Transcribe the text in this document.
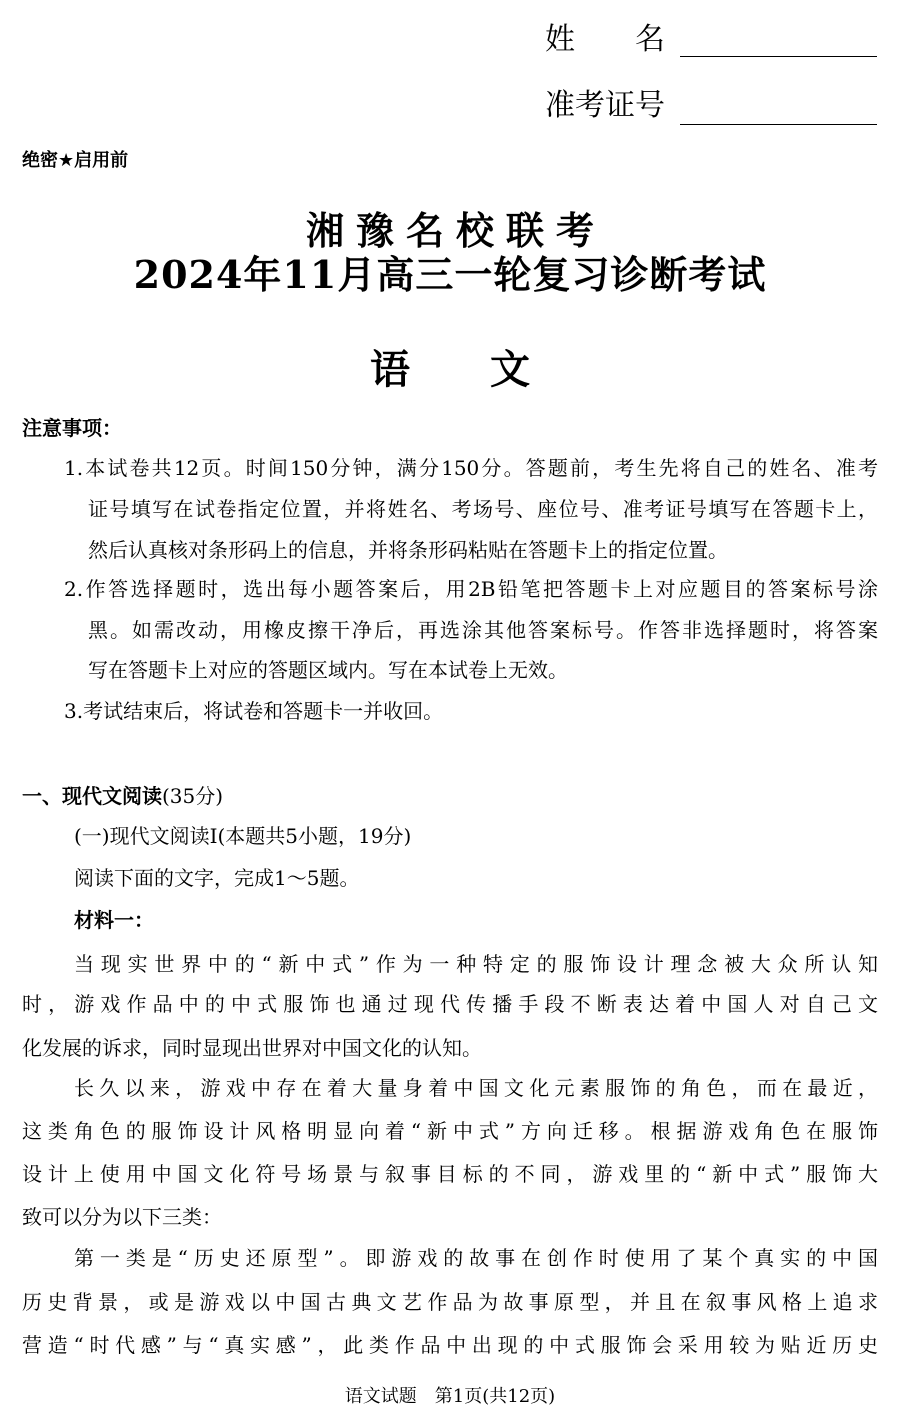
姓　　名
准考证号
绝密★启用前
湘豫名校联考
2024年11月高三一轮复习诊断考试
语　　文
注意事项：
1.本试卷共12页。时间150分钟，满分150分。答题前，考生先将自己的姓名、准考
证号填写在试卷指定位置，并将姓名、考场号、座位号、准考证号填写在答题卡上，
然后认真核对条形码上的信息，并将条形码粘贴在答题卡上的指定位置。
2.作答选择题时，选出每小题答案后，用2B铅笔把答题卡上对应题目的答案标号涂
黑。如需改动，用橡皮擦干净后，再选涂其他答案标号。作答非选择题时，将答案
写在答题卡上对应的答题区域内。写在本试卷上无效。
3.考试结束后，将试卷和答题卡一并收回。
一、现代文阅读(35分)
(一)现代文阅读Ⅰ(本题共5小题，19分)
阅读下面的文字，完成1～5题。
材料一：
当现实世界中的“新中式”作为一种特定的服饰设计理念被大众所认知
时，游戏作品中的中式服饰也通过现代传播手段不断表达着中国人对自己文
化发展的诉求，同时显现出世界对中国文化的认知。
长久以来，游戏中存在着大量身着中国文化元素服饰的角色，而在最近，
这类角色的服饰设计风格明显向着“新中式”方向迁移。根据游戏角色在服饰
设计上使用中国文化符号场景与叙事目标的不同，游戏里的“新中式”服饰大
致可以分为以下三类：
第一类是“历史还原型”。即游戏的故事在创作时使用了某个真实的中国
历史背景，或是游戏以中国古典文艺作品为故事原型，并且在叙事风格上追求
营造“时代感”与“真实感”，此类作品中出现的中式服饰会采用较为贴近历史
语文试题　第1页(共12页)
